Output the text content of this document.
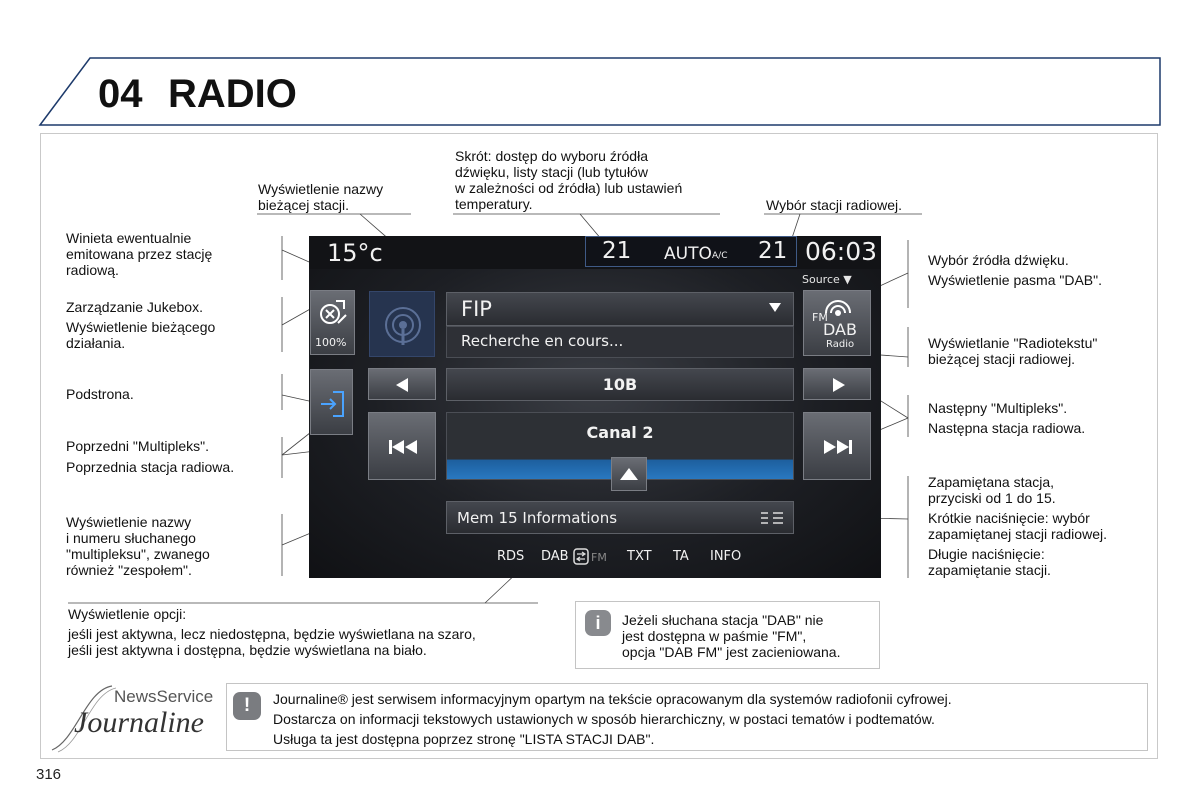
04 RADIO
Skrót: dostęp do wyboru źródła
dźwięku, listy stacji (lub tytułów
w zależności od źródła) lub ustawień
temperatury.
Wyświetlenie nazwy
bieżącej stacji.	Wybór stacji radiowej.
Winieta ewentualnie
emitowana przez stację
radiową.
Zarządzanie Jukebox.
Wyświetlenie bieżącego
działania.
Podstrona.
Poprzedni "Multipleks".
Poprzednia stacja radiowa.
Wyświetlenie nazwy
i numeru słuchanego
"multipleksu", zwanego
również "zespołem".
Wybór źródła dźwięku.
Wyświetlenie pasma "DAB".
Wyświetlanie "Radiotekstu"
bieżącej stacji radiowej.
Następny "Multipleks".
Następna stacja radiowa.
Zapamiętana stacja,
przyciski od 1 do 15.
Krótkie naciśnięcie: wybór
zapamiętanej stacji radiowej.
Długie naciśnięcie:
zapamiętanie stacji.
Wyświetlenie opcji:
jeśli jest aktywna, lecz niedostępna, będzie wyświetlana na szaro,
jeśli jest aktywna i dostępna, będzie wyświetlana na biało.
15°c	21 AUTO A/C 21 06:03
Source ▼
100%
FIP
Recherche en cours...
FM
DAB
Radio
10B
Canal 2
Mem 15 Informations
RDS DAB FM TXT TA INFO
i	Jeżeli słuchana stacja "DAB" nie
jest dostępna w paśmie "FM",
opcja "DAB FM" jest zacieniowana.
NewsService
Journaline
!	Journaline® jest serwisem informacyjnym opartym na tekście opracowanym dla systemów radiofonii cyfrowej.
Dostarcza on informacji tekstowych ustawionych w sposób hierarchiczny, w postaci tematów i podtematów.
Usługa ta jest dostępna poprzez stronę "LISTA STACJI DAB".
316
